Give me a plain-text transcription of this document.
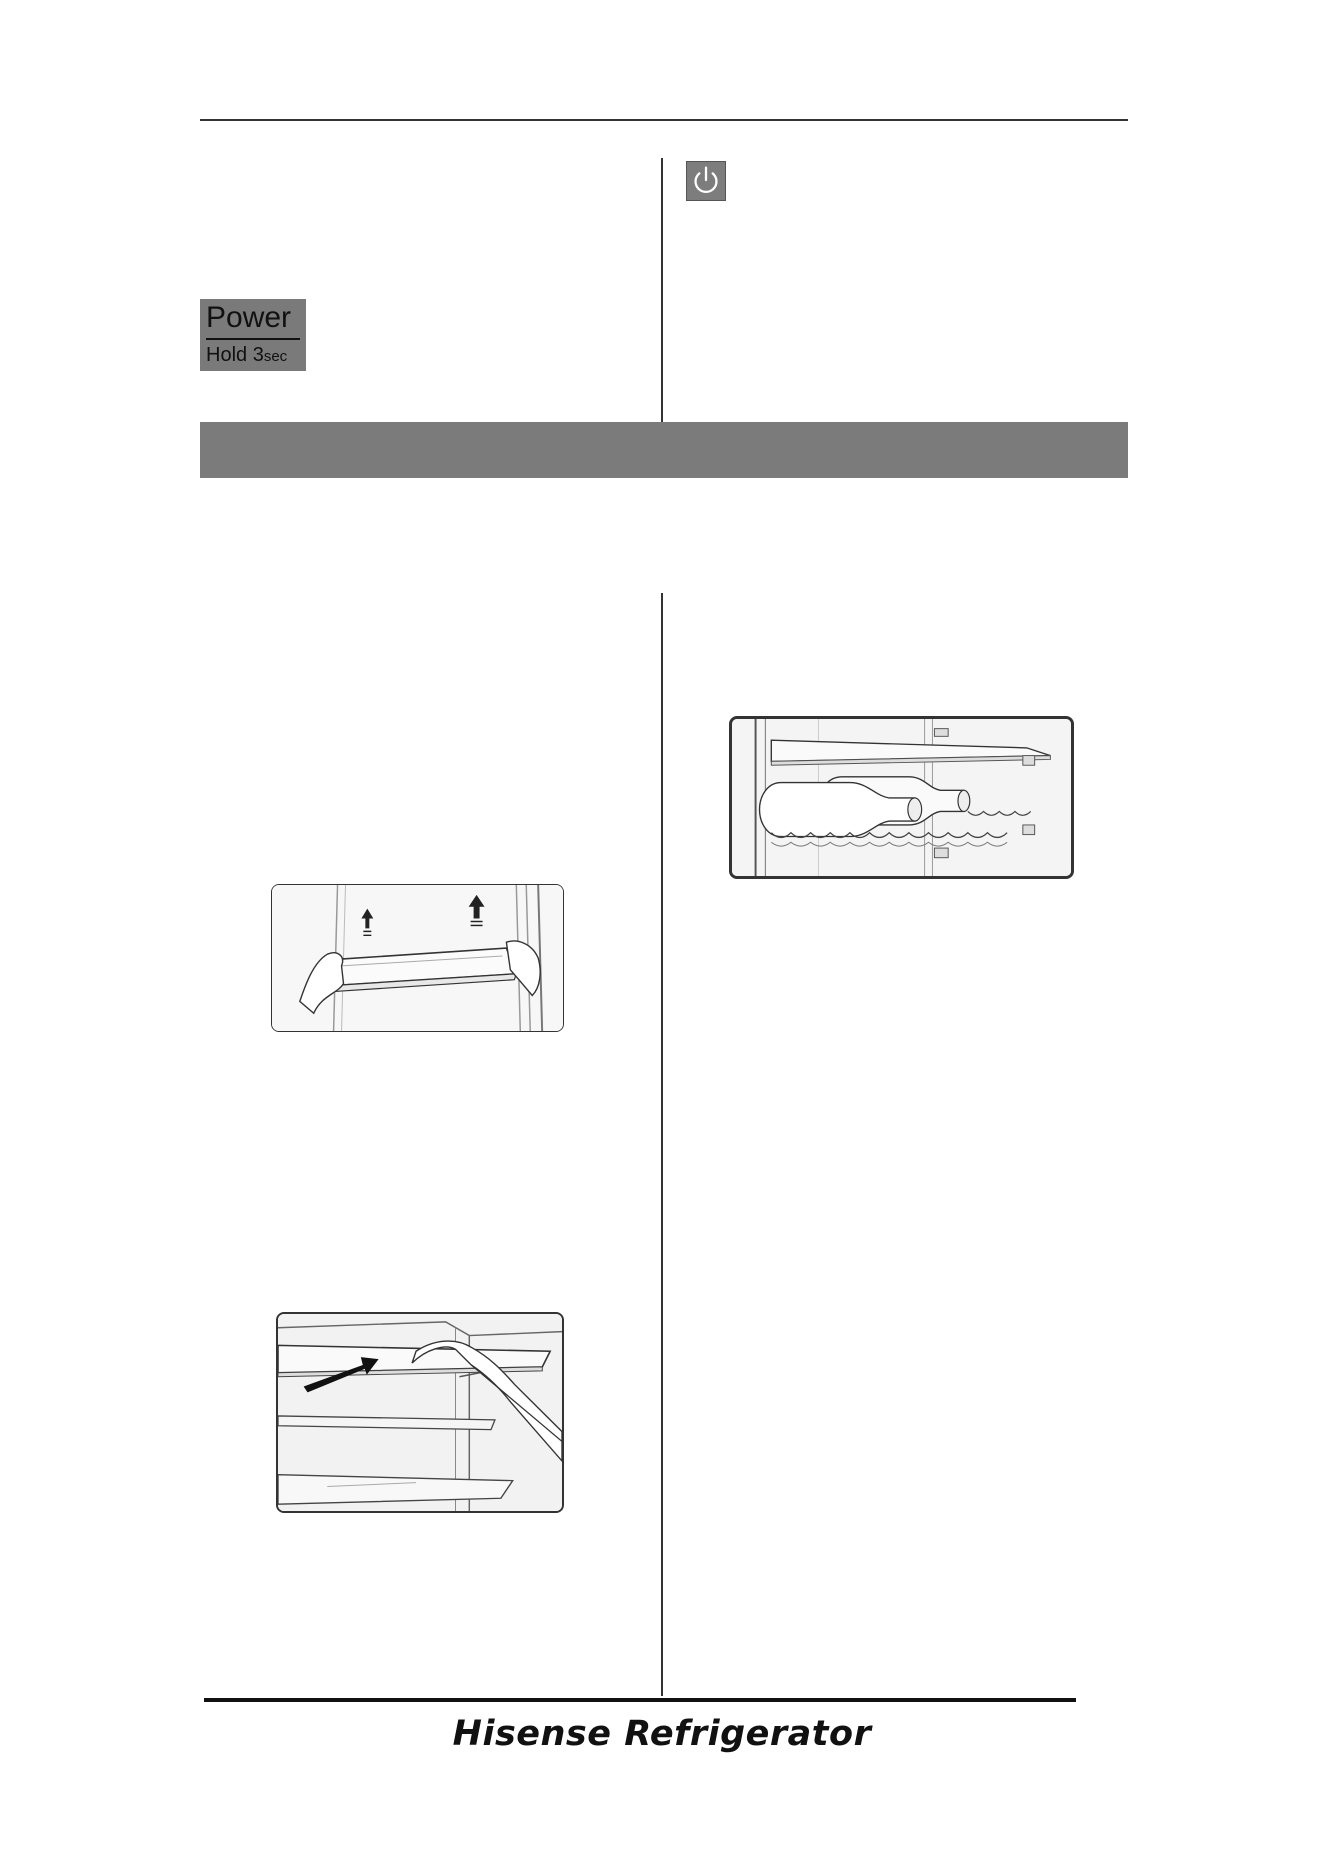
Power
Hold 3sec
Hisense Refrigerator
